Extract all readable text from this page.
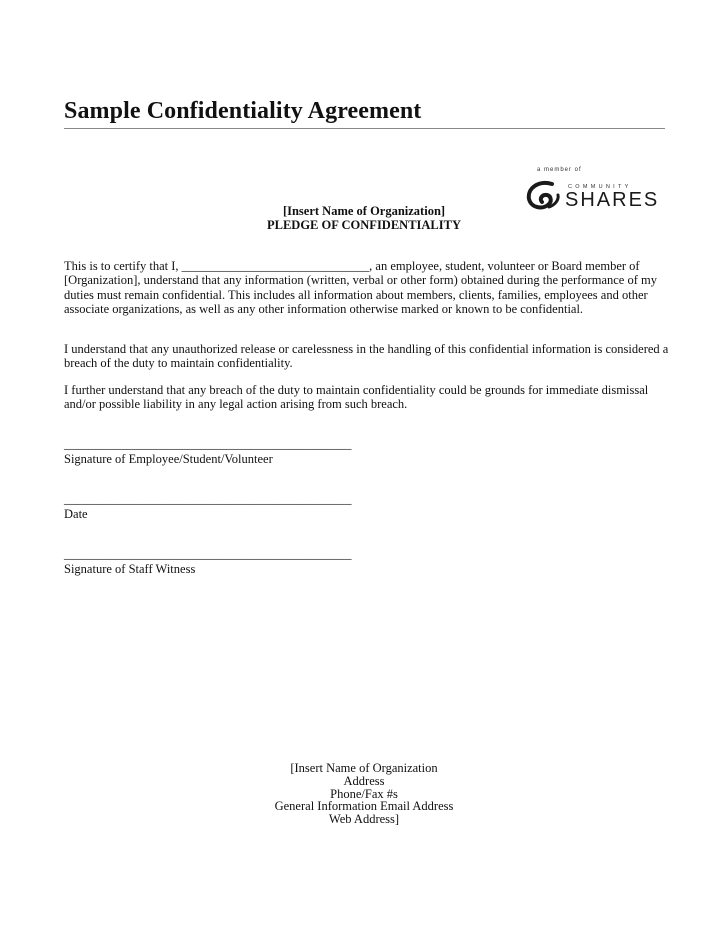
Sample Confidentiality Agreement
a member of
COMMUNITY
SHARES
[Insert Name of Organization]
PLEDGE OF CONFIDENTIALITY

This is to certify that I, ______________________________, an employee, student, volunteer or Board member of [Organization], understand that any information (written, verbal or other form) obtained during the performance of my duties must remain confidential. This includes all information about members, clients, families, employees and other associate organizations, as well as any other information otherwise marked or known to be confidential.

I understand that any unauthorized release or carelessness in the handling of this confidential information is considered a breach of the duty to maintain confidentiality.

I further understand that any breach of the duty to maintain confidentiality could be grounds for immediate dismissal and/or possible liability in any legal action arising from such breach.

______________________________________________
Signature of Employee/Student/Volunteer
______________________________________________
Date
______________________________________________
Signature of Staff Witness
[Insert Name of Organization
Address
Phone/Fax #s
General Information Email Address
Web Address]
